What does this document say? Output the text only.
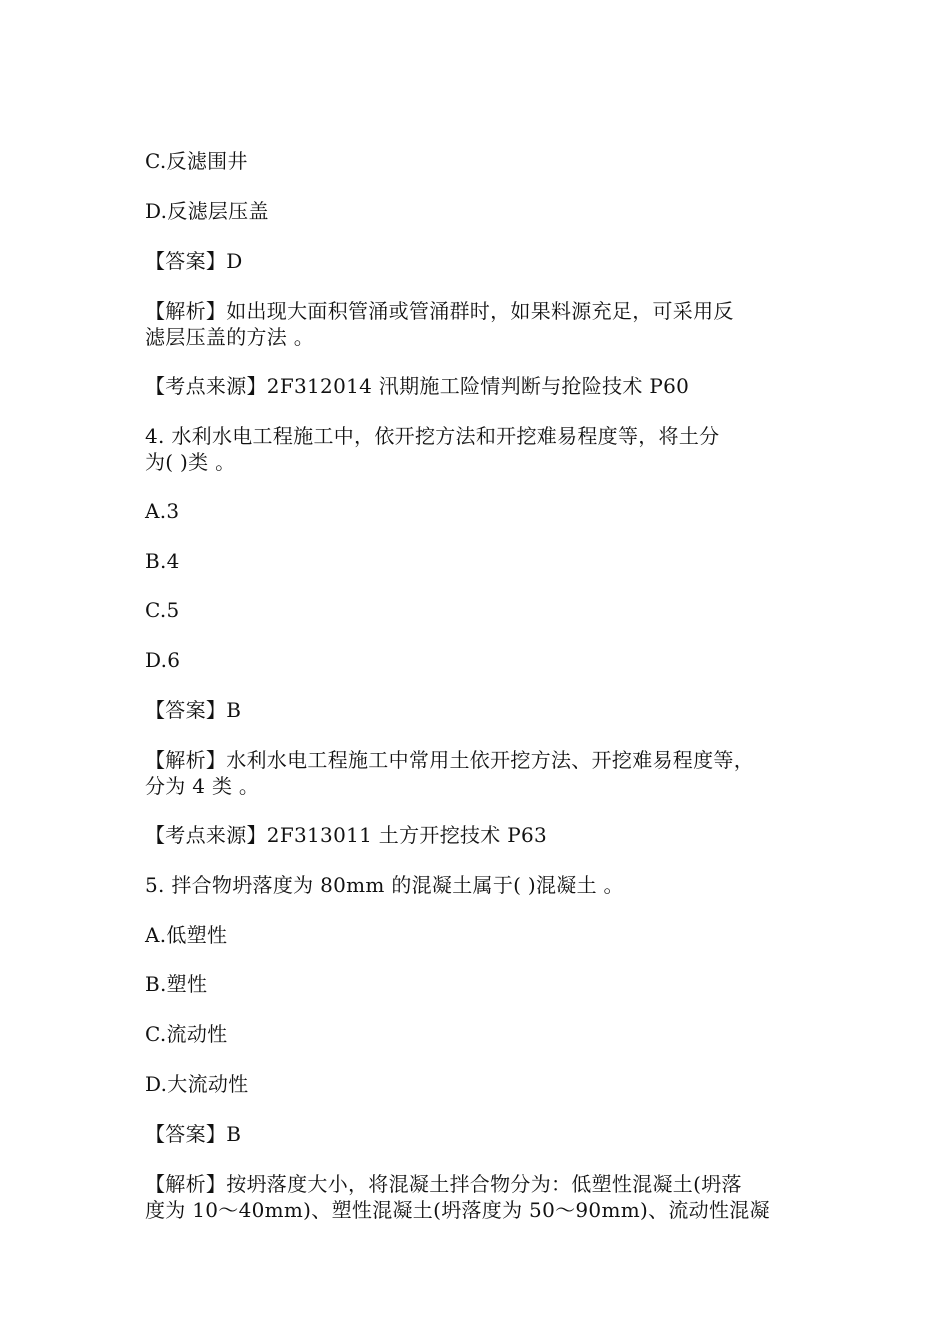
C.反滤围井
D.反滤层压盖
【答案】D
【解析】如出现大面积管涌或管涌群时，如果料源充足，可采用反
滤层压盖的方法 。
【考点来源】2F312014 汛期施工险情判断与抢险技术 P60
4. 水利水电工程施工中，依开挖方法和开挖难易程度等，将土分
为( )类 。
A.3
B.4
C.5
D.6
【答案】B
【解析】水利水电工程施工中常用土依开挖方法、开挖难易程度等，
分为 4 类 。
【考点来源】2F313011 土方开挖技术 P63
5. 拌合物坍落度为 80mm 的混凝土属于( )混凝土 。
A.低塑性
B.塑性
C.流动性
D.大流动性
【答案】B
【解析】按坍落度大小，将混凝土拌合物分为：低塑性混凝土(坍落
度为 10～40mm)、塑性混凝土(坍落度为 50～90mm)、流动性混凝
